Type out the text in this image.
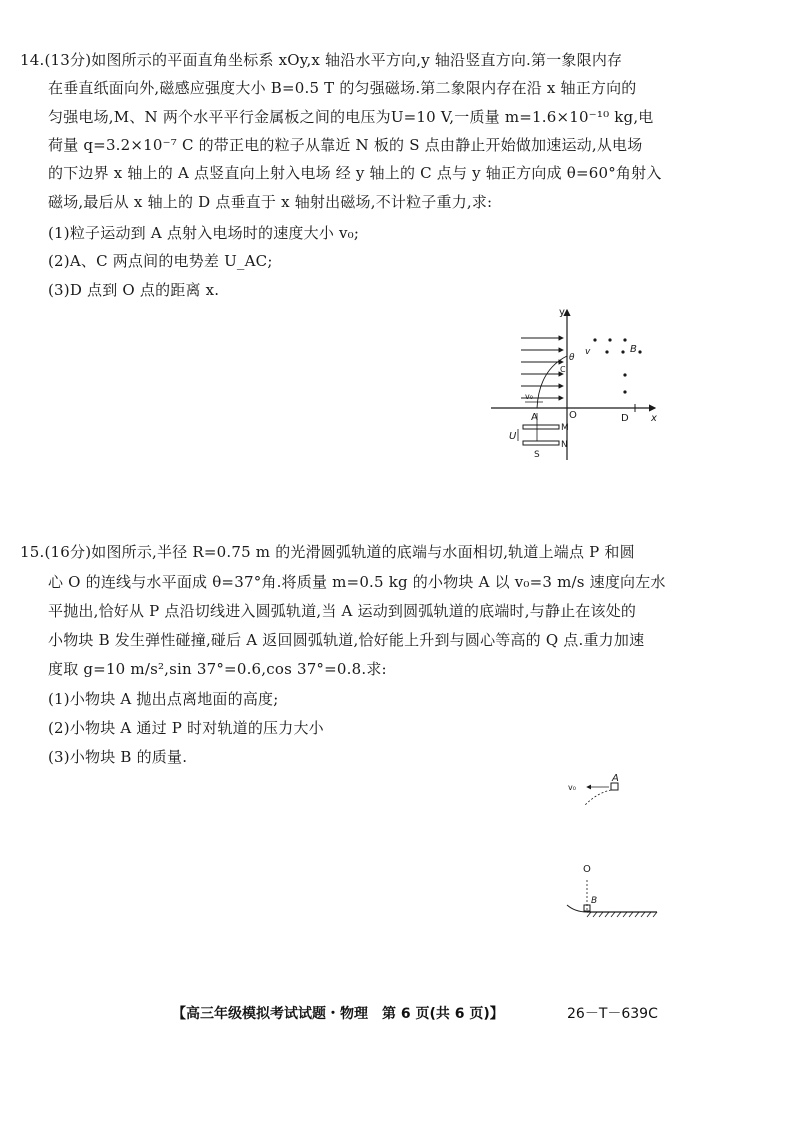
14.(13分)如图所示的平面直角坐标系 xOy,x 轴沿水平方向,y 轴沿竖直方向.第一象限内存
在垂直纸面向外,磁感应强度大小 B=0.5 T 的匀强磁场.第二象限内存在沿 x 轴正方向的
匀强电场,M、N 两个水平平行金属板之间的电压为U=10 V,一质量 m=1.6×10⁻¹⁰ kg,电
荷量 q=3.2×10⁻⁷ C 的带正电的粒子从靠近 N 板的 S 点由静止开始做加速运动,从电场
的下边界 x 轴上的 A 点竖直向上射入电场 经 y 轴上的 C 点与 y 轴正方向成 θ=60°角射入
磁场,最后从 x 轴上的 D 点垂直于 x 轴射出磁场,不计粒子重力,求:
(1)粒子运动到 A 点射入电场时的速度大小 v₀;
(2)A、C 两点间的电势差 U_AC;
(3)D 点到 O 点的距离 x.
y
x
θ
C
v	B
v₀
A	O	D
M
N
U
S
15.(16分)如图所示,半径 R=0.75 m 的光滑圆弧轨道的底端与水面相切,轨道上端点 P 和圆
心 O 的连线与水平面成 θ=37°角.将质量 m=0.5 kg 的小物块 A 以 v₀=3 m/s 速度向左水
平抛出,恰好从 P 点沿切线进入圆弧轨道,当 A 运动到圆弧轨道的底端时,与静止在该处的
小物块 B 发生弹性碰撞,碰后 A 返回圆弧轨道,恰好能上升到与圆心等高的 Q 点.重力加速
度取 g=10 m/s²,sin 37°=0.6,cos 37°=0.8.求:
(1)小物块 A 抛出点离地面的高度;
(2)小物块 A 通过 P 时对轨道的压力大小
(3)小物块 B 的质量.
A
v₀
O
B
【高三年级模拟考试试题・物理　第 6 页(共 6 页)】	26－T－639C
